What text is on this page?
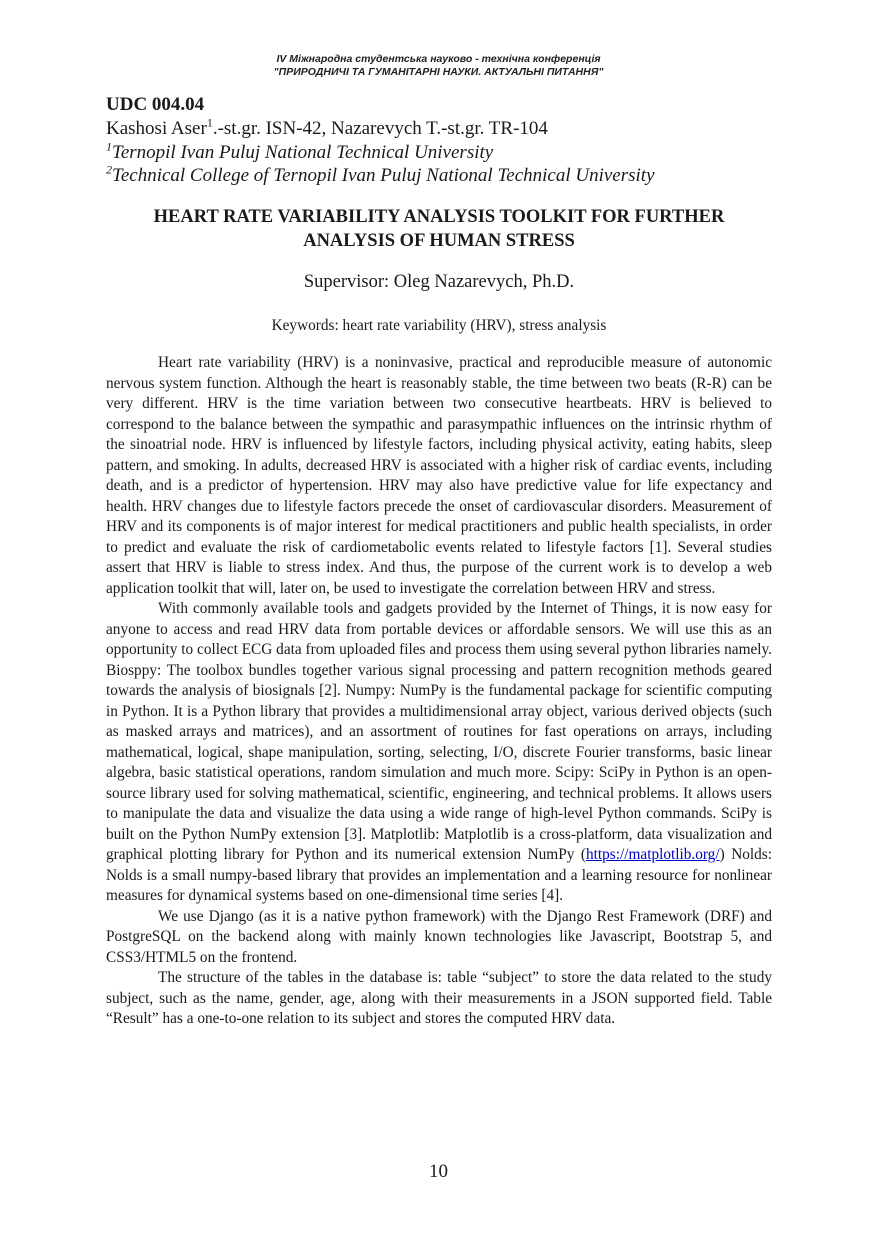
IV Міжнародна студентська науково - технічна конференція
"ПРИРОДНИЧІ ТА ГУМАНІТАРНІ НАУКИ. АКТУАЛЬНІ ПИТАННЯ"
UDC 004.04
Kashosi Aser$^1$.-st.gr. ISN-42, Nazarevych T.-st.gr. TR-104
$^1$Ternopil Ivan Puluj National Technical University
$^2$Technical College of Ternopil Ivan Puluj National Technical University
HEART RATE VARIABILITY ANALYSIS TOOLKIT FOR FURTHER
ANALYSIS OF HUMAN STRESS
Supervisor: Oleg Nazarevych, Ph.D.
Keywords: heart rate variability (HRV), stress analysis

Heart rate variability (HRV) is a noninvasive, practical and reproducible measure of autonomic nervous system function. Although the heart is reasonably stable, the time between two beats (R-R) can be very different. HRV is the time variation between two consecutive heartbeats. HRV is believed to correspond to the balance between the sympathic and parasympathic influences on the intrinsic rhythm of the sinoatrial node. HRV is influenced by lifestyle factors, including physical activity, eating habits, sleep pattern, and smoking. In adults, decreased HRV is associated with a higher risk of cardiac events, including death, and is a predictor of hypertension. HRV may also have predictive value for life expectancy and health. HRV changes due to lifestyle factors precede the onset of cardiovascular disorders. Measurement of HRV and its components is of major interest for medical practitioners and public health specialists, in order to predict and evaluate the risk of cardiometabolic events related to lifestyle factors [1]. Several studies assert that HRV is liable to stress index. And thus, the purpose of the current work is to develop a web application toolkit that will, later on, be used to investigate the correlation between HRV and stress.

With commonly available tools and gadgets provided by the Internet of Things, it is now easy for anyone to access and read HRV data from portable devices or affordable sensors. We will use this as an opportunity to collect ECG data from uploaded files and process them using several python libraries namely. Biosppy: The toolbox bundles together various signal processing and pattern recognition methods geared towards the analysis of biosignals [2]. Numpy: NumPy is the fundamental package for scientific computing in Python. It is a Python library that provides a multidimensional array object, various derived objects (such as masked arrays and matrices), and an assortment of routines for fast operations on arrays, including mathematical, logical, shape manipulation, sorting, selecting, I/O, discrete Fourier transforms, basic linear algebra, basic statistical operations, random simulation and much more. Scipy: SciPy in Python is an open-source library used for solving mathematical, scientific, engineering, and technical problems. It allows users to manipulate the data and visualize the data using a wide range of high-level Python commands. SciPy is built on the Python NumPy extension [3]. Matplotlib: Matplotlib is a cross-platform, data visualization and graphical plotting library for Python and its numerical extension NumPy (https://matplotlib.org/) Nolds: Nolds is a small numpy-based library that provides an implementation and a learning resource for nonlinear measures for dynamical systems based on one-dimensional time series [4].

We use Django (as it is a native python framework) with the Django Rest Framework (DRF) and PostgreSQL on the backend along with mainly known technologies like Javascript, Bootstrap 5, and CSS3/HTML5 on the frontend.

The structure of the tables in the database is: table “subject” to store the data related to the study subject, such as the name, gender, age, along with their measurements in a JSON supported field. Table “Result” has a one-to-one relation to its subject and stores the computed HRV data.

10
